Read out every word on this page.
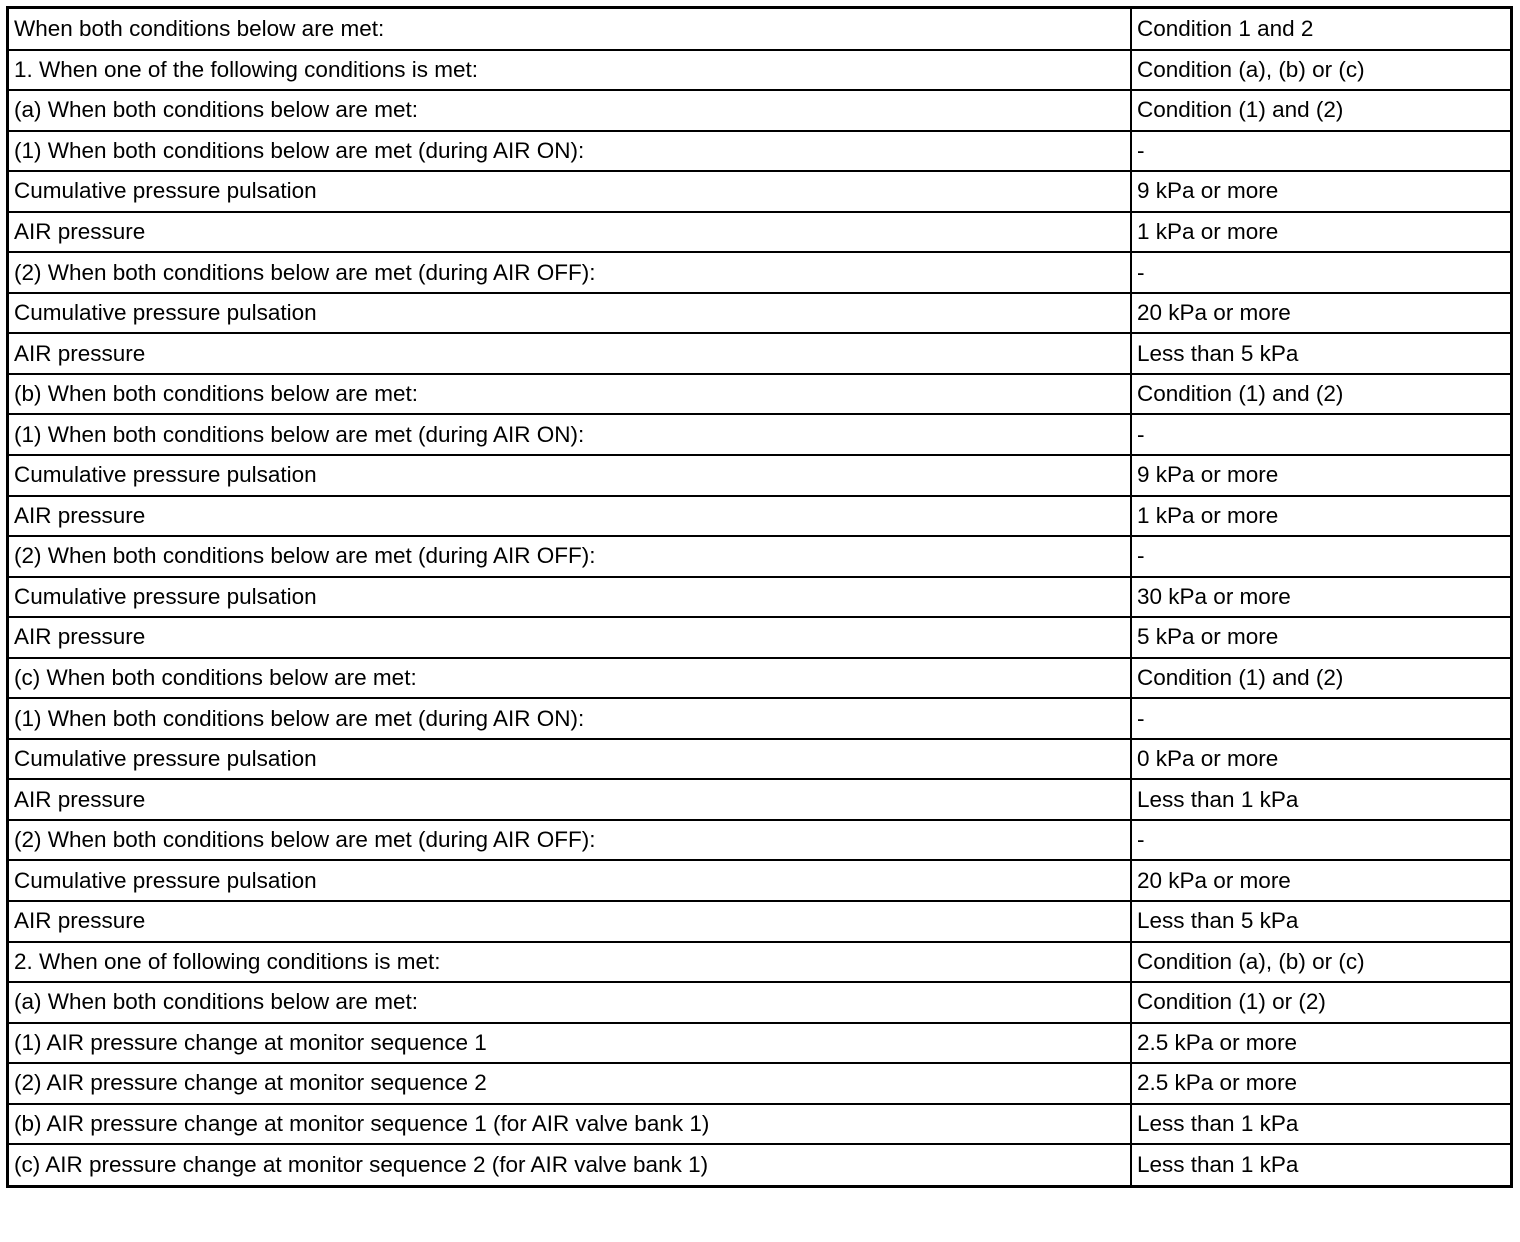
When both conditions below are met:	Condition 1 and 2
1. When one of the following conditions is met:	Condition (a), (b) or (c)
(a) When both conditions below are met:	Condition (1) and (2)
(1) When both conditions below are met (during AIR ON):	-
Cumulative pressure pulsation	9 kPa or more
AIR pressure	1 kPa or more
(2) When both conditions below are met (during AIR OFF):	-
Cumulative pressure pulsation	20 kPa or more
AIR pressure	Less than 5 kPa
(b) When both conditions below are met:	Condition (1) and (2)
(1) When both conditions below are met (during AIR ON):	-
Cumulative pressure pulsation	9 kPa or more
AIR pressure	1 kPa or more
(2) When both conditions below are met (during AIR OFF):	-
Cumulative pressure pulsation	30 kPa or more
AIR pressure	5 kPa or more
(c) When both conditions below are met:	Condition (1) and (2)
(1) When both conditions below are met (during AIR ON):	-
Cumulative pressure pulsation	0 kPa or more
AIR pressure	Less than 1 kPa
(2) When both conditions below are met (during AIR OFF):	-
Cumulative pressure pulsation	20 kPa or more
AIR pressure	Less than 5 kPa
2. When one of following conditions is met:	Condition (a), (b) or (c)
(a) When both conditions below are met:	Condition (1) or (2)
(1) AIR pressure change at monitor sequence 1	2.5 kPa or more
(2) AIR pressure change at monitor sequence 2	2.5 kPa or more
(b) AIR pressure change at monitor sequence 1 (for AIR valve bank 1)	Less than 1 kPa
(c) AIR pressure change at monitor sequence 2 (for AIR valve bank 1)	Less than 1 kPa
